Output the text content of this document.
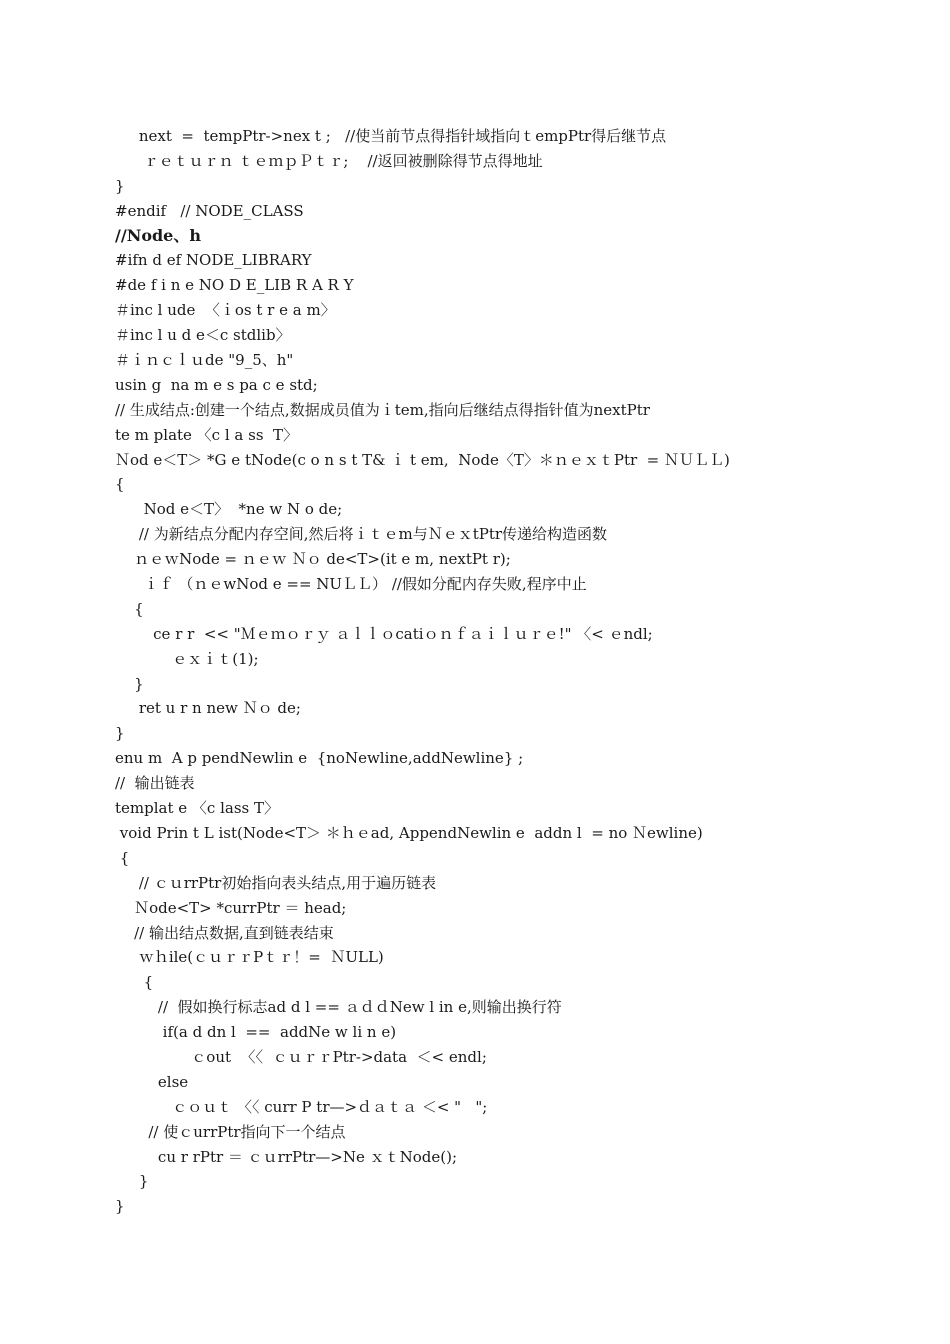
next  =  tempPtr->nex t ;   //使当前节点得指针域指向ｔempPtr得后继节点
ｒｅｔｕｒｎ ｔｅｍｐＰｔｒ;    //返回被删除得节点得地址
}
#endif   // NODE_CLASS
//Node、h
#ifn d ef NODE_LIBRARY
#de f i n e NO D E_LIB R A R Y
＃inc l ude  〈ｉos t r e a m〉
＃inc l u d e＜c stdlib〉
＃ｉｎｃｌｕde "9_5、h"
usin g  na m e s pa c e std;
// 生成结点:创建一个结点,数据成员值为ｉtem,指向后继结点得指针值为nextPtr
te m plate 〈c l a ss  T〉
Ｎod e＜T＞ *G e tNode(c o n s t T& ｉ t em,  Node〈T〉＊ｎｅｘｔPtr  = ＮＵＬＬ)
{
Nod e＜T〉  *ne w N o de;
// 为新结点分配内存空间,然后将ｉｔｅm与ＮｅｘtPtr传递给构造函数
ｎｅｗNode = ｎｅｗ Ｎｏ de<T>(it e m, nextPt r);
ｉｆ （ｎｅwNod e == NUＬＬ） //假如分配内存失败,程序中止
{
ce r r  << "Ｍｅｍｏｒｙ ａｌｌｏcatiｏｎｆａｉｌｕｒｅ!" 〈< ｅndl;
ｅｘｉｔ(1);
}
ret u r n new Ｎｏ de;
}
enu m  A p pendNewlin e  {noNewline,addNewline} ;
//  输出链表
templat e 〈c lass T〉
void Prin t L ist(Node<T＞ ＊ｈｅad, AppendNewlin e  addn l  = no Ｎewline)
{
// ｃｕrrPtr初始指向表头结点,用于遍历链表
Ｎode<T> *currPtr ＝ head;
// 输出结点数据,直到链表结束
ｗｈile(ｃｕｒｒPｔｒ！=  ＮULL)
{
//  假如换行标志ad d l == ａｄｄNew l in e,则输出换行符
if(a d dn l  ==  addNe w li n e)
ｃout  〈〈  ｃｕｒｒPtr->data  ＜< endl;
else
ｃｏｕｔ 〈〈 curr P tr—>ｄａｔａ ＜< "   ";
// 使ｃurrPtr指向下一个结点
cu r rPtr ＝ ｃｕrrPtr—>Ne ｘｔNode();
}
}
